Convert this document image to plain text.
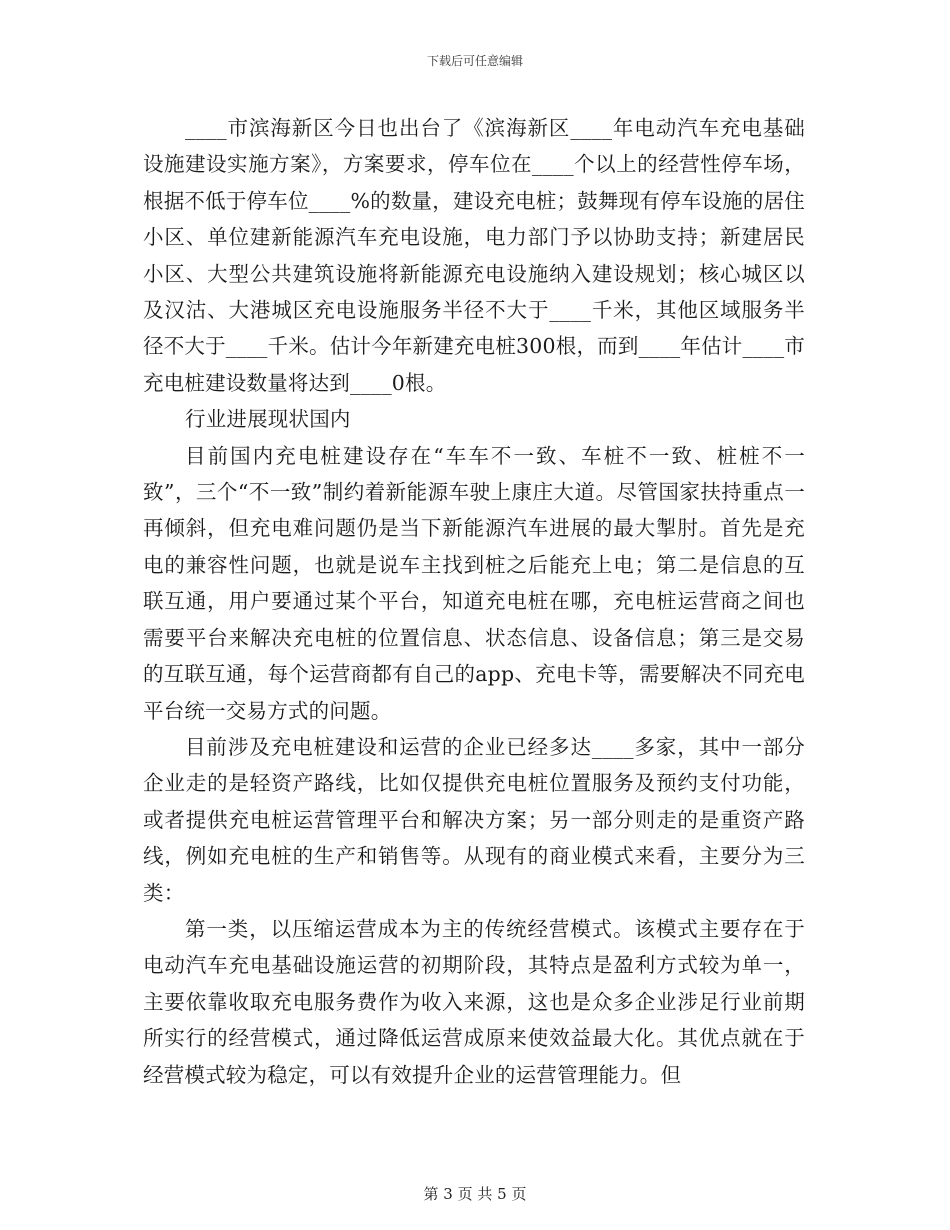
下载后可任意编辑

____市滨海新区今日也出台了《滨海新区____年电动汽车充电基础设施建设实施方案》，方案要求，停车位在____个以上的经营性停车场，根据不低于停车位____%的数量，建设充电桩；鼓舞现有停车设施的居住小区、单位建新能源汽车充电设施，电力部门予以协助支持；新建居民小区、大型公共建筑设施将新能源充电设施纳入建设规划；核心城区以及汉沽、大港城区充电设施服务半径不大于____千米，其他区域服务半径不大于____千米。估计今年新建充电桩300根，而到____年估计____市充电桩建设数量将达到____0根。

行业进展现状国内

目前国内充电桩建设存在“车车不一致、车桩不一致、桩桩不一致”，三个“不一致”制约着新能源车驶上康庄大道。尽管国家扶持重点一再倾斜，但充电难问题仍是当下新能源汽车进展的最大掣肘。首先是充电的兼容性问题，也就是说车主找到桩之后能充上电；第二是信息的互联互通，用户要通过某个平台，知道充电桩在哪，充电桩运营商之间也需要平台来解决充电桩的位置信息、状态信息、设备信息；第三是交易的互联互通，每个运营商都有自己的app、充电卡等，需要解决不同充电平台统一交易方式的问题。

目前涉及充电桩建设和运营的企业已经多达____多家，其中一部分企业走的是轻资产路线，比如仅提供充电桩位置服务及预约支付功能，或者提供充电桩运营管理平台和解决方案；另一部分则走的是重资产路线，例如充电桩的生产和销售等。从现有的商业模式来看，主要分为三类：

第一类，以压缩运营成本为主的传统经营模式。该模式主要存在于电动汽车充电基础设施运营的初期阶段，其特点是盈利方式较为单一，主要依靠收取充电服务费作为收入来源，这也是众多企业涉足行业前期所实行的经营模式，通过降低运营成原来使效益最大化。其优点就在于经营模式较为稳定，可以有效提升企业的运营管理能力。但

第 3 页 共 5 页
